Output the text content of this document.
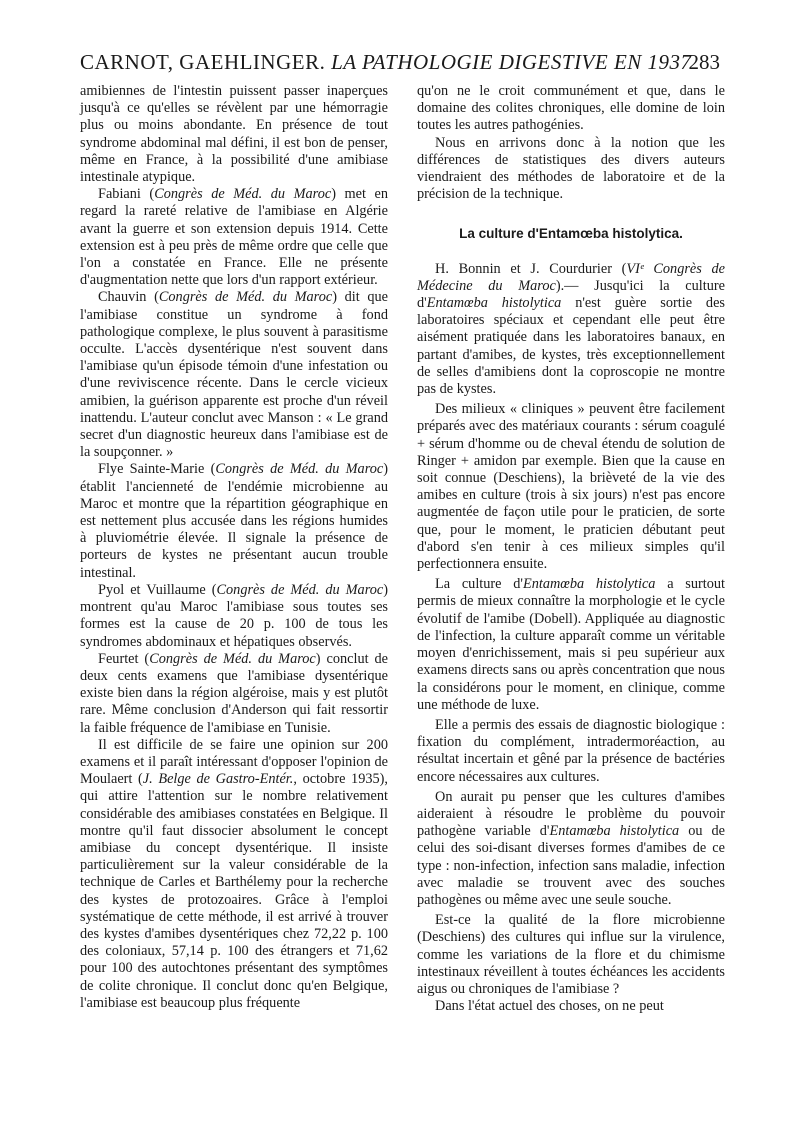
CARNOT, GAEHLINGER. LA PATHOLOGIE DIGESTIVE EN 1937
283

amibiennes de l'intestin puissent passer inaperçues jusqu'à ce qu'elles se révèlent par une hémorragie plus ou moins abondante. En présence de tout syndrome abdominal mal défini, il est bon de penser, même en France, à la possibilité d'une amibiase intestinale atypique.

Fabiani (Congrès de Méd. du Maroc) met en regard la rareté relative de l'amibiase en Algérie avant la guerre et son extension depuis 1914. Cette extension est à peu près de même ordre que celle que l'on a constatée en France. Elle ne présente d'augmentation nette que lors d'un rapport extérieur.

Chauvin (Congrès de Méd. du Maroc) dit que l'amibiase constitue un syndrome à fond pathologique complexe, le plus souvent à parasitisme occulte. L'accès dysentérique n'est souvent dans l'amibiase qu'un épisode témoin d'une infestation ou d'une reviviscence récente. Dans le cercle vicieux amibien, la guérison apparente est proche d'un réveil inattendu. L'auteur conclut avec Manson : « Le grand secret d'un diagnostic heureux dans l'amibiase est de la soupçonner. »

Flye Sainte-Marie (Congrès de Méd. du Maroc) établit l'ancienneté de l'endémie microbienne au Maroc et montre que la répartition géographique en est nettement plus accusée dans les régions humides à pluviométrie élevée. Il signale la présence de porteurs de kystes ne présentant aucun trouble intestinal.

Pyol et Vuillaume (Congrès de Méd. du Maroc) montrent qu'au Maroc l'amibiase sous toutes ses formes est la cause de 20 p. 100 de tous les syndromes abdominaux et hépatiques observés.

Feurtet (Congrès de Méd. du Maroc) conclut de deux cents examens que l'amibiase dysentérique existe bien dans la région algéroise, mais y est plutôt rare. Même conclusion d'Anderson qui fait ressortir la faible fréquence de l'amibiase en Tunisie.

Il est difficile de se faire une opinion sur 200 examens et il paraît intéressant d'opposer l'opinion de Moulaert (J. Belge de Gastro-Entér., octobre 1935), qui attire l'attention sur le nombre relativement considérable des amibiases constatées en Belgique. Il montre qu'il faut dissocier absolument le concept amibiase du concept dysentérique. Il insiste particulièrement sur la valeur considérable de la technique de Carles et Barthélemy pour la recherche des kystes de protozoaires. Grâce à l'emploi systématique de cette méthode, il est arrivé à trouver des kystes d'amibes dysentériques chez 72,22 p. 100 des coloniaux, 57,14 p. 100 des étrangers et 71,62 pour 100 des autochtones présentant des symptômes de colite chronique. Il conclut donc qu'en Belgique, l'amibiase est beaucoup plus fréquente

qu'on ne le croit communément et que, dans le domaine des colites chroniques, elle domine de loin toutes les autres pathogénies.

Nous en arrivons donc à la notion que les différences de statistiques des divers auteurs viendraient des méthodes de laboratoire et de la précision de la technique.

La culture d'Entamœba histolytica.

H. Bonnin et J. Courdurier (VIᵉ Congrès de Médecine du Maroc).— Jusqu'ici la culture d'Entamœba histolytica n'est guère sortie des laboratoires spéciaux et cependant elle peut être aisément pratiquée dans les laboratoires banaux, en partant d'amibes, de kystes, très exceptionnellement de selles d'amibiens dont la coproscopie ne montre pas de kystes.

Des milieux « cliniques » peuvent être facilement préparés avec des matériaux courants : sérum coagulé + sérum d'homme ou de cheval étendu de solution de Ringer + amidon par exemple. Bien que la cause en soit connue (Deschiens), la brièveté de la vie des amibes en culture (trois à six jours) n'est pas encore augmentée de façon utile pour le praticien, de sorte que, pour le moment, le praticien débutant peut d'abord s'en tenir à ces milieux simples qu'il perfectionnera ensuite.

La culture d'Entamœba histolytica a surtout permis de mieux connaître la morphologie et le cycle évolutif de l'amibe (Dobell). Appliquée au diagnostic de l'infection, la culture apparaît comme un véritable moyen d'enrichissement, mais si peu supérieur aux examens directs sans ou après concentration que nous la considérons pour le moment, en clinique, comme une méthode de luxe.

Elle a permis des essais de diagnostic biologique : fixation du complément, intradermoréaction, au résultat incertain et gêné par la présence de bactéries encore nécessaires aux cultures.

On aurait pu penser que les cultures d'amibes aideraient à résoudre le problème du pouvoir pathogène variable d'Entamœba histolytica ou de celui des soi-disant diverses formes d'amibes de ce type : non-infection, infection sans maladie, infection avec maladie se trouvent avec des souches pathogènes ou même avec une seule souche.

Est-ce la qualité de la flore microbienne (Deschiens) des cultures qui influe sur la virulence, comme les variations de la flore et du chimisme intestinaux réveillent à toutes échéances les accidents aigus ou chroniques de l'amibiase ?

Dans l'état actuel des choses, on ne peut
